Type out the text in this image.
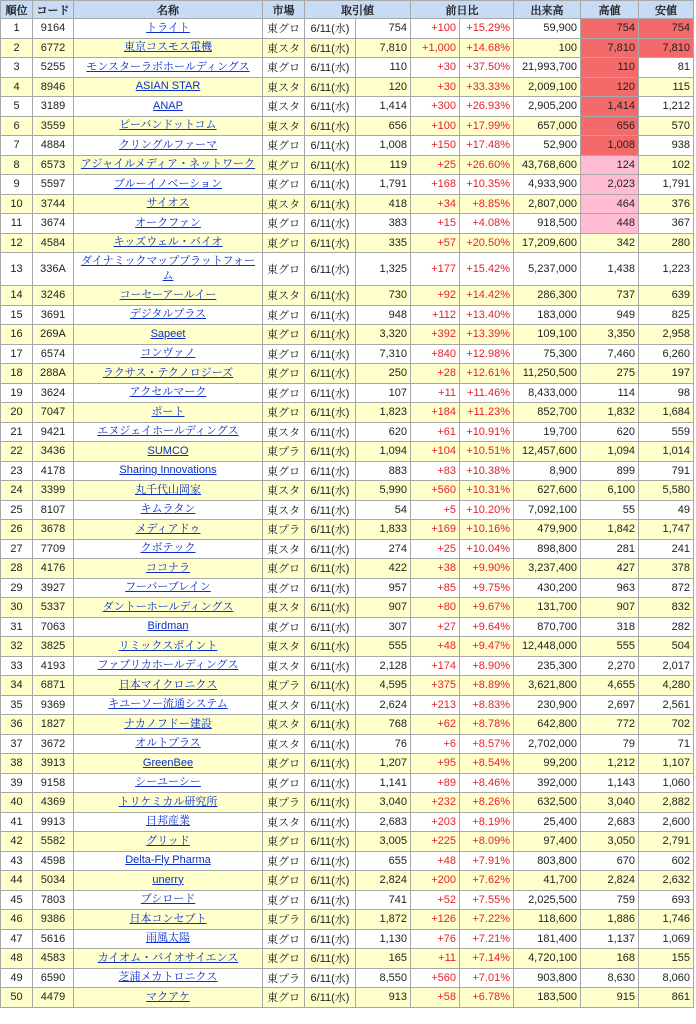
順位	コード	名称	市場	取引値		前日比		出来高	高値	安値
1	9164	トライト	東グロ	6/11(水)	754	+100	+15.29%	59,900	754	754
2	6772	東京コスモス電機	東スタ	6/11(水)	7,810	+1,000	+14.68%	100	7,810	7,810
3	5255	モンスターラボホールディングス	東グロ	6/11(水)	110	+30	+37.50%	21,993,700	110	81
4	8946	ASIAN STAR	東スタ	6/11(水)	120	+30	+33.33%	2,009,100	120	115
5	3189	ANAP	東スタ	6/11(水)	1,414	+300	+26.93%	2,905,200	1,414	1,212
6	3559	ピーバンドットコム	東スタ	6/11(水)	656	+100	+17.99%	657,000	656	570
7	4884	クリングルファーマ	東グロ	6/11(水)	1,008	+150	+17.48%	52,900	1,008	938
8	6573	アジャイルメディア・ネットワーク	東グロ	6/11(水)	119	+25	+26.60%	43,768,600	124	102
9	5597	ブルーイノベーション	東グロ	6/11(水)	1,791	+168	+10.35%	4,933,900	2,023	1,791
10	3744	サイオス	東スタ	6/11(水)	418	+34	+8.85%	2,807,000	464	376
11	3674	オークファン	東グロ	6/11(水)	383	+15	+4.08%	918,500	448	367
12	4584	キッズウェル・バイオ	東グロ	6/11(水)	335	+57	+20.50%	17,209,600	342	280
13	336A	ダイナミックマッププラットフォーム	東グロ	6/11(水)	1,325	+177	+15.42%	5,237,000	1,438	1,223
14	3246	コーセーアールイー	東スタ	6/11(水)	730	+92	+14.42%	286,300	737	639
15	3691	デジタルプラス	東グロ	6/11(水)	948	+112	+13.40%	183,000	949	825
16	269A	Sapeet	東グロ	6/11(水)	3,320	+392	+13.39%	109,100	3,350	2,958
17	6574	コンヴァノ	東グロ	6/11(水)	7,310	+840	+12.98%	75,300	7,460	6,260
18	288A	ラクサス・テクノロジーズ	東グロ	6/11(水)	250	+28	+12.61%	11,250,500	275	197
19	3624	アクセルマーク	東グロ	6/11(水)	107	+11	+11.46%	8,433,000	114	98
20	7047	ポート	東グロ	6/11(水)	1,823	+184	+11.23%	852,700	1,832	1,684
21	9421	エヌジェイホールディングス	東スタ	6/11(水)	620	+61	+10.91%	19,700	620	559
22	3436	SUMCO	東プラ	6/11(水)	1,094	+104	+10.51%	12,457,600	1,094	1,014
23	4178	Sharing Innovations	東グロ	6/11(水)	883	+83	+10.38%	8,900	899	791
24	3399	丸千代山岡家	東スタ	6/11(水)	5,990	+560	+10.31%	627,600	6,100	5,580
25	8107	キムラタン	東スタ	6/11(水)	54	+5	+10.20%	7,092,100	55	49
26	3678	メディアドゥ	東プラ	6/11(水)	1,833	+169	+10.16%	479,900	1,842	1,747
27	7709	クボテック	東スタ	6/11(水)	274	+25	+10.04%	898,800	281	241
28	4176	ココナラ	東グロ	6/11(水)	422	+38	+9.90%	3,237,400	427	378
29	3927	フーバーブレイン	東グロ	6/11(水)	957	+85	+9.75%	430,200	963	872
30	5337	ダントーホールディングス	東スタ	6/11(水)	907	+80	+9.67%	131,700	907	832
31	7063	Birdman	東グロ	6/11(水)	307	+27	+9.64%	870,700	318	282
32	3825	リミックスポイント	東スタ	6/11(水)	555	+48	+9.47%	12,448,000	555	504
33	4193	ファブリカホールディングス	東スタ	6/11(水)	2,128	+174	+8.90%	235,300	2,270	2,017
34	6871	日本マイクロニクス	東プラ	6/11(水)	4,595	+375	+8.89%	3,621,800	4,655	4,280
35	9369	キユーソー流通システム	東スタ	6/11(水)	2,624	+213	+8.83%	230,900	2,697	2,561
36	1827	ナカノフドー建設	東スタ	6/11(水)	768	+62	+8.78%	642,800	772	702
37	3672	オルトプラス	東スタ	6/11(水)	76	+6	+8.57%	2,702,000	79	71
38	3913	GreenBee	東グロ	6/11(水)	1,207	+95	+8.54%	99,200	1,212	1,107
39	9158	シーユーシー	東グロ	6/11(水)	1,141	+89	+8.46%	392,000	1,143	1,060
40	4369	トリケミカル研究所	東プラ	6/11(水)	3,040	+232	+8.26%	632,500	3,040	2,882
41	9913	日邦産業	東スタ	6/11(水)	2,683	+203	+8.19%	25,400	2,683	2,600
42	5582	グリッド	東グロ	6/11(水)	3,005	+225	+8.09%	97,400	3,050	2,791
43	4598	Delta-Fly Pharma	東グロ	6/11(水)	655	+48	+7.91%	803,800	670	602
44	5034	unerry	東グロ	6/11(水)	2,824	+200	+7.62%	41,700	2,824	2,632
45	7803	ブシロード	東グロ	6/11(水)	741	+52	+7.55%	2,025,500	759	693
46	9386	日本コンセプト	東プラ	6/11(水)	1,872	+126	+7.22%	118,600	1,886	1,746
47	5616	雨風太陽	東グロ	6/11(水)	1,130	+76	+7.21%	181,400	1,137	1,069
48	4583	カイオム・バイオサイエンス	東グロ	6/11(水)	165	+11	+7.14%	4,720,100	168	155
49	6590	芝浦メカトロニクス	東プラ	6/11(水)	8,550	+560	+7.01%	903,800	8,630	8,060
50	4479	マクアケ	東グロ	6/11(水)	913	+58	+6.78%	183,500	915	861
